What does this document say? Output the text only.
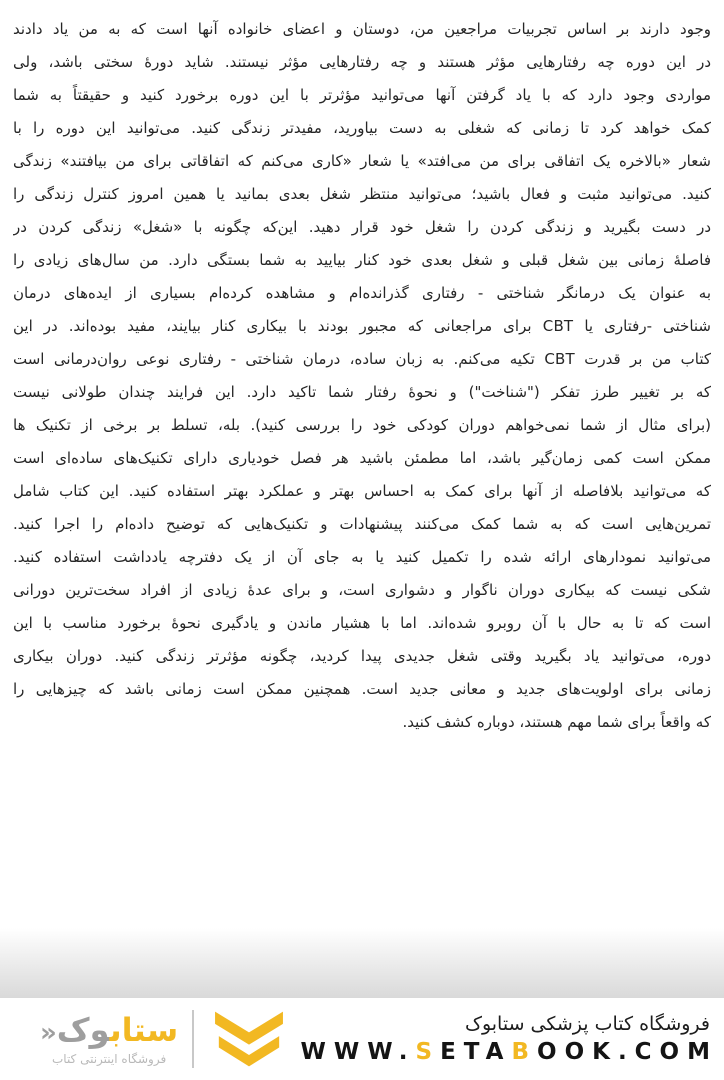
وجود دارند بر اساس تجربیات مراجعین من، دوستان و اعضای خانواده آنها است که به من یاد دادند
در این دوره چه رفتارهایی مؤثر هستند و چه رفتارهایی مؤثر نیستند. شاید دورهٔ سختی باشد، ولی
مواردی وجود دارد که با یاد گرفتن آنها می‌توانید مؤثرتر با این دوره برخورد کنید و حقیقتاً به شما
کمک خواهد کرد تا زمانی که شغلی به دست بیاورید، مفیدتر زندگی کنید. می‌توانید این دوره را با
شعار «بالاخره یک اتفاقی برای من می‌افتد» یا شعار «کاری می‌کنم که اتفاقاتی برای من بیافتند» زندگی
کنید. می‌توانید مثبت و فعال باشید؛ می‌توانید منتظر شغل بعدی بمانید یا همین امروز کنترل زندگی را
در دست بگیرید و زندگی کردن را شغل خود قرار دهید. این‌که چگونه با «شغل» زندگی کردن در
فاصلهٔ زمانی بین شغل قبلی و شغل بعدی خود کنار بیایید به شما بستگی دارد. من سال‌های زیادی را
به عنوان یک درمانگر شناختی - رفتاری گذرانده‌ام و مشاهده کرده‌ام بسیاری از ایده‌های درمان
شناختی -رفتاری یا CBT برای مراجعانی که مجبور بودند با بیکاری کنار بیایند، مفید بوده‌اند. در این
کتاب من بر قدرت CBT تکیه می‌کنم. به زبان ساده، درمان شناختی - رفتاری نوعی روان‌درمانی است
که بر تغییر طرز تفکر ("شناخت") و نحوهٔ رفتار شما تاکید دارد. این فرایند چندان طولانی نیست
(برای مثال از شما نمی‌خواهم دوران کودکی خود را بررسی کنید). بله، تسلط بر برخی از تکنیک ها
ممکن است کمی زمان‌گیر باشد، اما مطمئن باشید هر فصل خودیاری دارای تکنیک‌های ساده‌ای است
که می‌توانید بلافاصله از آنها برای کمک به احساس بهتر و عملکرد بهتر استفاده کنید. این کتاب شامل
تمرین‌هایی است که به شما کمک می‌کنند پیشنهادات و تکنیک‌هایی که توضیح داده‌ام را اجرا کنید.
می‌توانید نمودارهای ارائه شده را تکمیل کنید یا به جای آن از یک دفترچه یادداشت استفاده کنید.
شکی نیست که بیکاری دوران ناگوار و دشواری است، و برای عدهٔ زیادی از افراد سخت‌ترین دورانی
است که تا به حال با آن روبرو شده‌اند. اما با هشیار ماندن و یادگیری نحوهٔ برخورد مناسب با این
دوره، می‌توانید یاد بگیرید وقتی شغل جدیدی پیدا کردید، چگونه مؤثرتر زندگی کنید. دوران بیکاری
زمانی برای اولویت‌های جدید و معانی جدید است. همچنین ممکن است زمانی باشد که چیزهایی را
که واقعاً برای شما مهم هستند، دوباره کشف کنید.
ستابوک«
فروشگاه اینترنتی کتاب
فروشگاه کتاب پزشکی ستابوک
WWW.SETABOOK.COM
